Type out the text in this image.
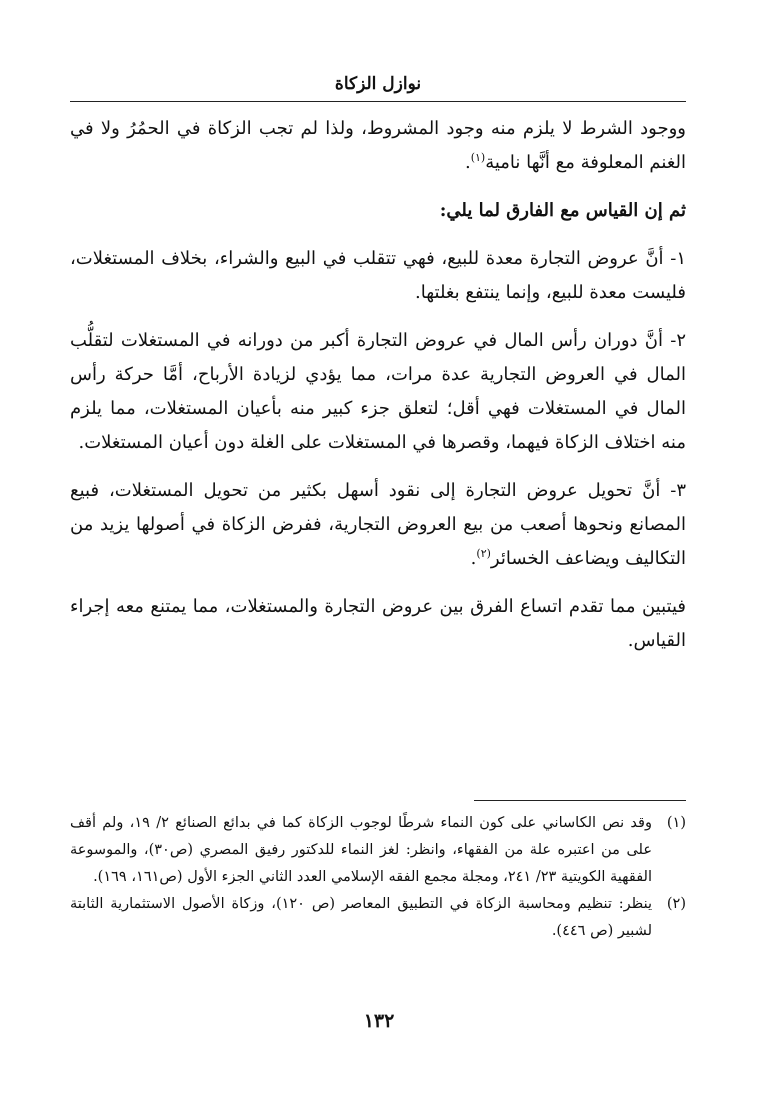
نوازل الزكاة

ووجود الشرط لا يلزم منه وجود المشروط، ولذا لم تجب الزكاة في الحمُرُ ولا في الغنم المعلوفة مع أنَّها نامية$^{(١)}$.

ثم إن القياس مع الفارق لما يلي:

١- أنَّ عروض التجارة معدة للبيع، فهي تتقلب في البيع والشراء، بخلاف المستغلات، فليست معدة للبيع، وإنما ينتفع بغلتها.

٢- أنَّ دوران رأس المال في عروض التجارة أكبر من دورانه في المستغلات لتقلُّب المال في العروض التجارية عدة مرات، مما يؤدي لزيادة الأرباح، أمَّا حركة رأس المال في المستغلات فهي أقل؛ لتعلق جزء كبير منه بأعيان المستغلات، مما يلزم منه اختلاف الزكاة فيهما، وقصرها في المستغلات على الغلة دون أعيان المستغلات.

٣- أنَّ تحويل عروض التجارة إلى نقود أسهل بكثير من تحويل المستغلات، فبيع المصانع ونحوها أصعب من بيع العروض التجارية، ففرض الزكاة في أصولها يزيد من التكاليف ويضاعف الخسائر$^{(٢)}$.

فيتبين مما تقدم اتساع الفرق بين عروض التجارة والمستغلات، مما يمتنع معه إجراء القياس.

(١)
وقد نص الكاساني على كون النماء شرطًا لوجوب الزكاة كما في بدائع الصنائع ٢/ ١٩، ولم أقف على من اعتبره علة من الفقهاء، وانظر: لغز النماء للدكتور رفيق المصري (ص٣٠)، والموسوعة الفقهية الكويتية ٢٣/ ٢٤١، ومجلة مجمع الفقه الإسلامي العدد الثاني الجزء الأول (ص١٦١، ١٦٩).

(٢)
ينظر: تنظيم ومحاسبة الزكاة في التطبيق المعاصر (ص ١٢٠)، وزكاة الأصول الاستثمارية الثابتة لشبير (ص ٤٤٦).

١٣٢
